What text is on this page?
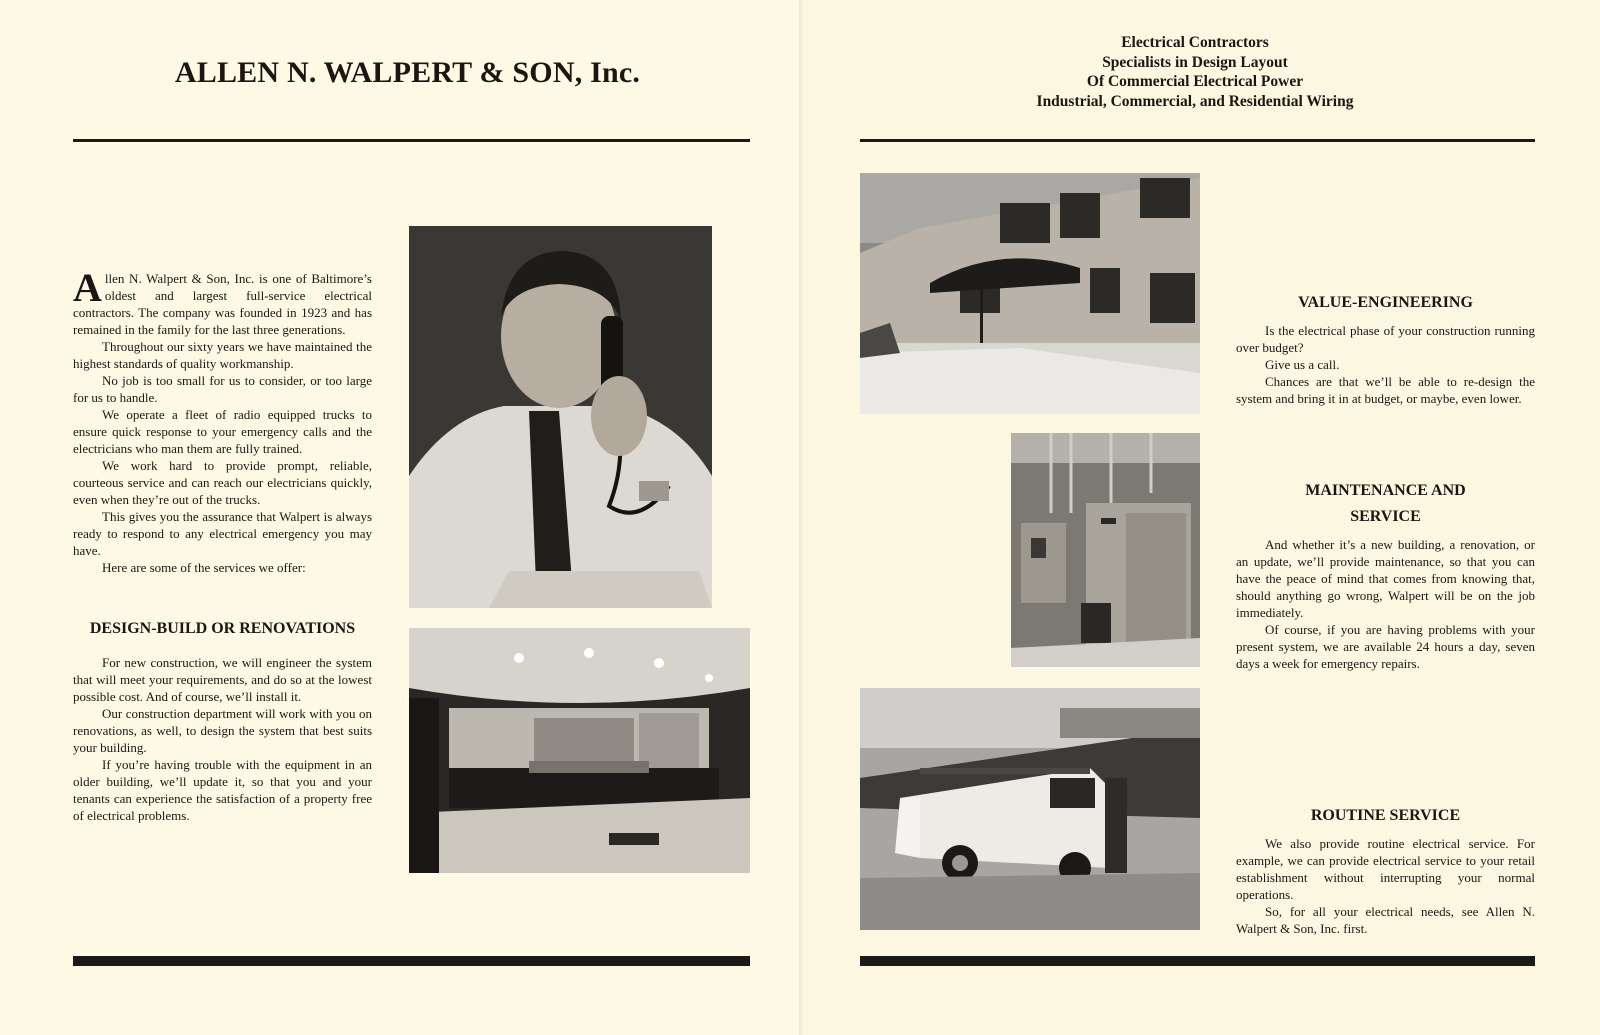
ALLEN N. WALPERT & SON, Inc.

Allen N. Walpert & Son, Inc. is one of Baltimore’s oldest and largest full-service electrical contractors. The company was founded in 1923 and has remained in the family for the last three generations.

Throughout our sixty years we have maintained the highest standards of quality workmanship.

No job is too small for us to consider, or too large for us to handle.

We operate a fleet of radio equipped trucks to ensure quick response to your emergency calls and the electricians who man them are fully trained.

We work hard to provide prompt, reliable, courteous service and can reach our electricians quickly, even when they’re out of the trucks.

This gives you the assurance that Walpert is always ready to respond to any electrical emergency you may have.

Here are some of the services we offer:

DESIGN-BUILD OR RENOVATIONS

For new construction, we will engineer the system that will meet your requirements, and do so at the lowest possible cost. And of course, we’ll install it.

Our construction department will work with you on renovations, as well, to design the system that best suits your building.

If you’re having trouble with the equipment in an older building, we’ll update it, so that you and your tenants can experience the satisfaction of a property free of electrical problems.

Electrical Contractors
Specialists in Design Layout
Of Commercial Electrical Power
Industrial, Commercial, and Residential Wiring
VALUE-ENGINEERING

Is the electrical phase of your construction running over budget?

Give us a call.

Chances are that we’ll be able to re-design the system and bring it in at budget, or maybe, even lower.

MAINTENANCE AND
SERVICE

And whether it’s a new building, a renovation, or an update, we’ll provide maintenance, so that you can have the peace of mind that comes from knowing that, should anything go wrong, Walpert will be on the job immediately.

Of course, if you are having problems with your present system, we are available 24 hours a day, seven days a week for emergency repairs.

ROUTINE SERVICE

We also provide routine electrical service. For example, we can provide electrical service to your retail establishment without interrupting your normal operations.

So, for all your electrical needs, see Allen N. Walpert & Son, Inc. first.
